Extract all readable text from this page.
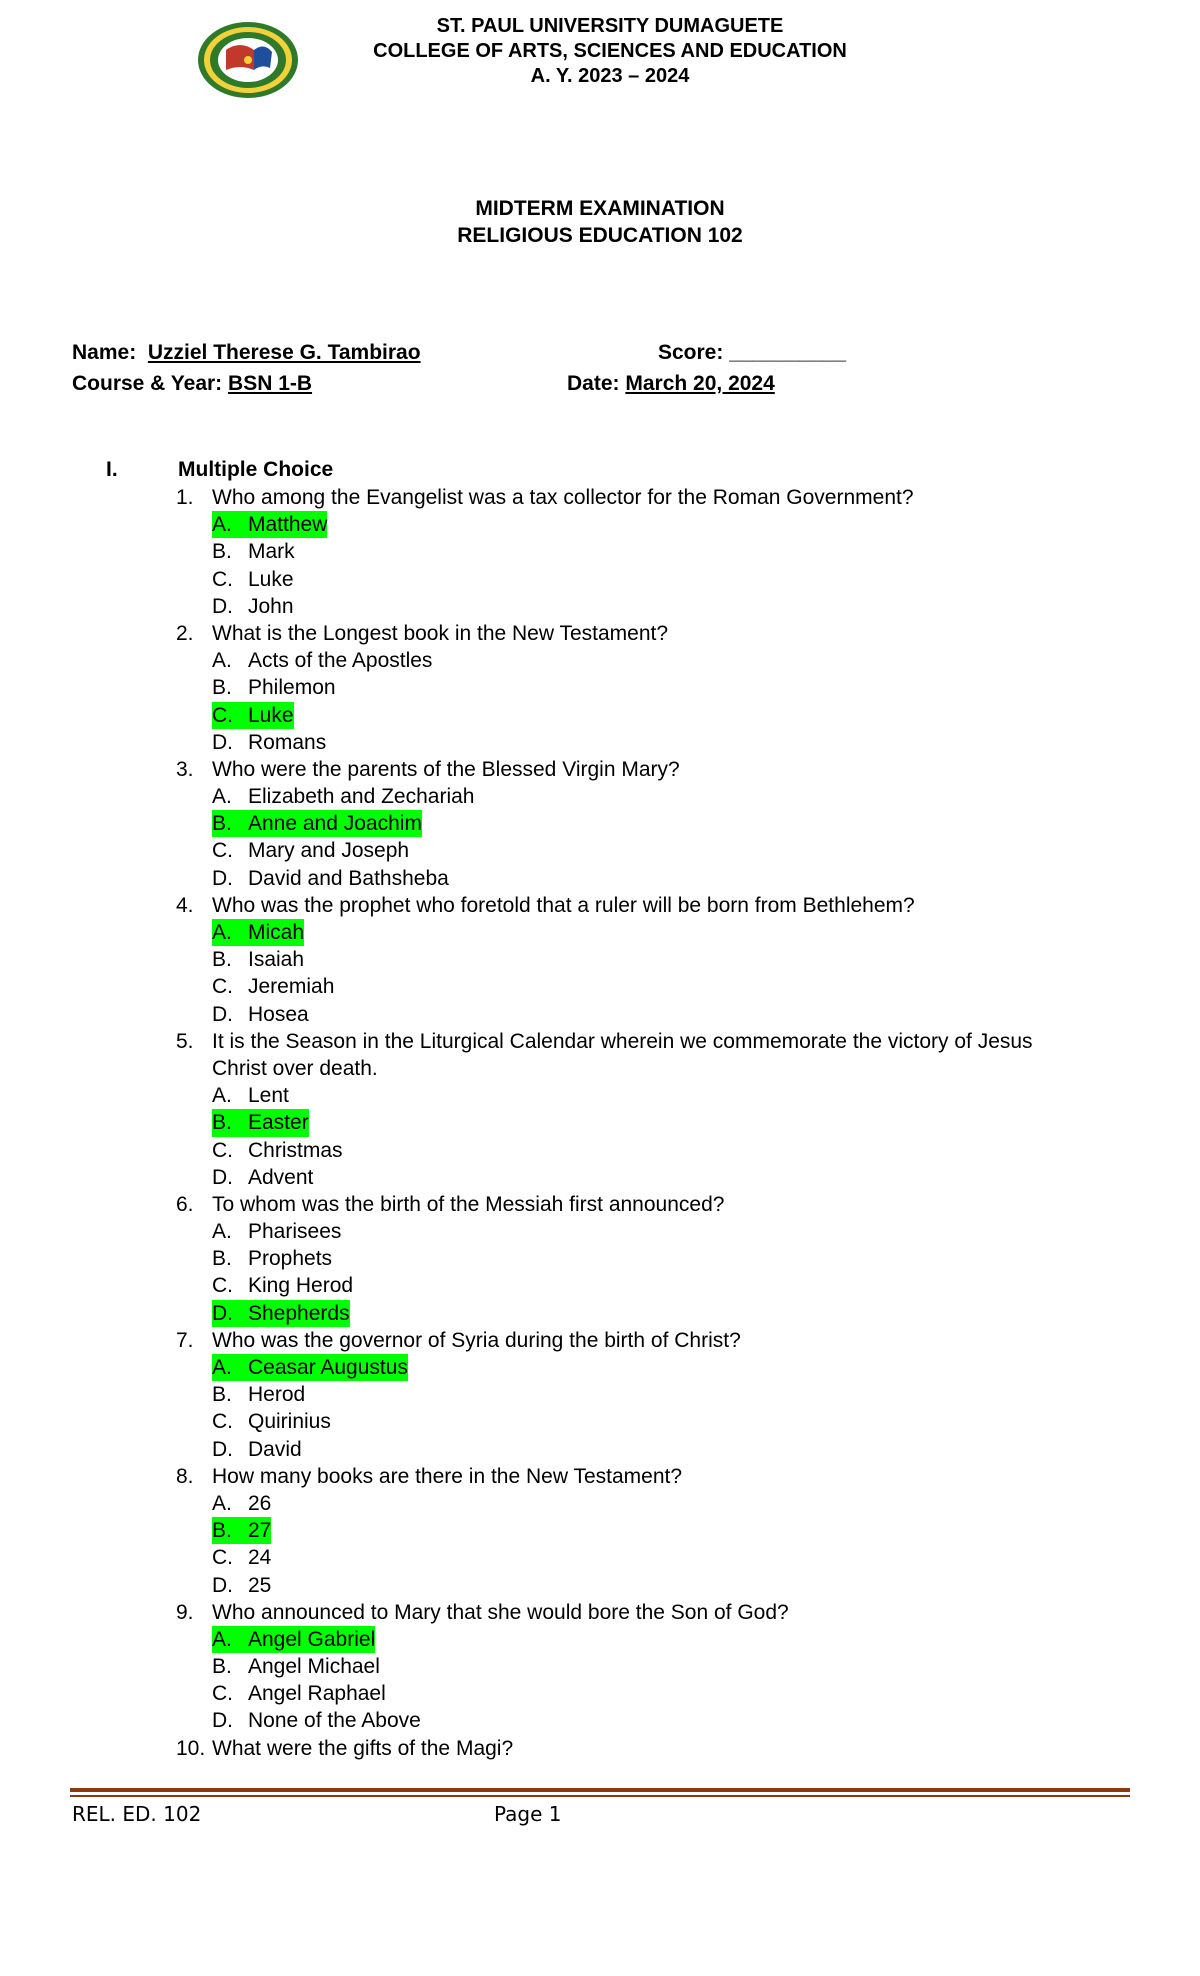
ST. PAUL UNIVERSITY DUMAGUETE
COLLEGE OF ARTS, SCIENCES AND EDUCATION
A. Y. 2023 – 2024
MIDTERM EXAMINATION
RELIGIOUS EDUCATION 102
Name: Uzziel Therese G. Tambirao	Score: __________
Course & Year: BSN 1-B	Date: March 20, 2024
I.	Multiple Choice
1. Who among the Evangelist was a tax collector for the Roman Government?
A. Matthew
B. Mark
C. Luke
D. John
2. What is the Longest book in the New Testament?
A. Acts of the Apostles
B. Philemon
C. Luke
D. Romans
3. Who were the parents of the Blessed Virgin Mary?
A. Elizabeth and Zechariah
B. Anne and Joachim
C. Mary and Joseph
D. David and Bathsheba
4. Who was the prophet who foretold that a ruler will be born from Bethlehem?
A. Micah
B. Isaiah
C. Jeremiah
D. Hosea
5. It is the Season in the Liturgical Calendar wherein we commemorate the victory of Jesus Christ over death.
A. Lent
B. Easter
C. Christmas
D. Advent
6. To whom was the birth of the Messiah first announced?
A. Pharisees
B. Prophets
C. King Herod
D. Shepherds
7. Who was the governor of Syria during the birth of Christ?
A. Ceasar Augustus
B. Herod
C. Quirinius
D. David
8. How many books are there in the New Testament?
A. 26
B. 27
C. 24
D. 25
9. Who announced to Mary that she would bore the Son of God?
A. Angel Gabriel
B. Angel Michael
C. Angel Raphael
D. None of the Above
10. What were the gifts of the Magi?
REL. ED. 102	Page 1
